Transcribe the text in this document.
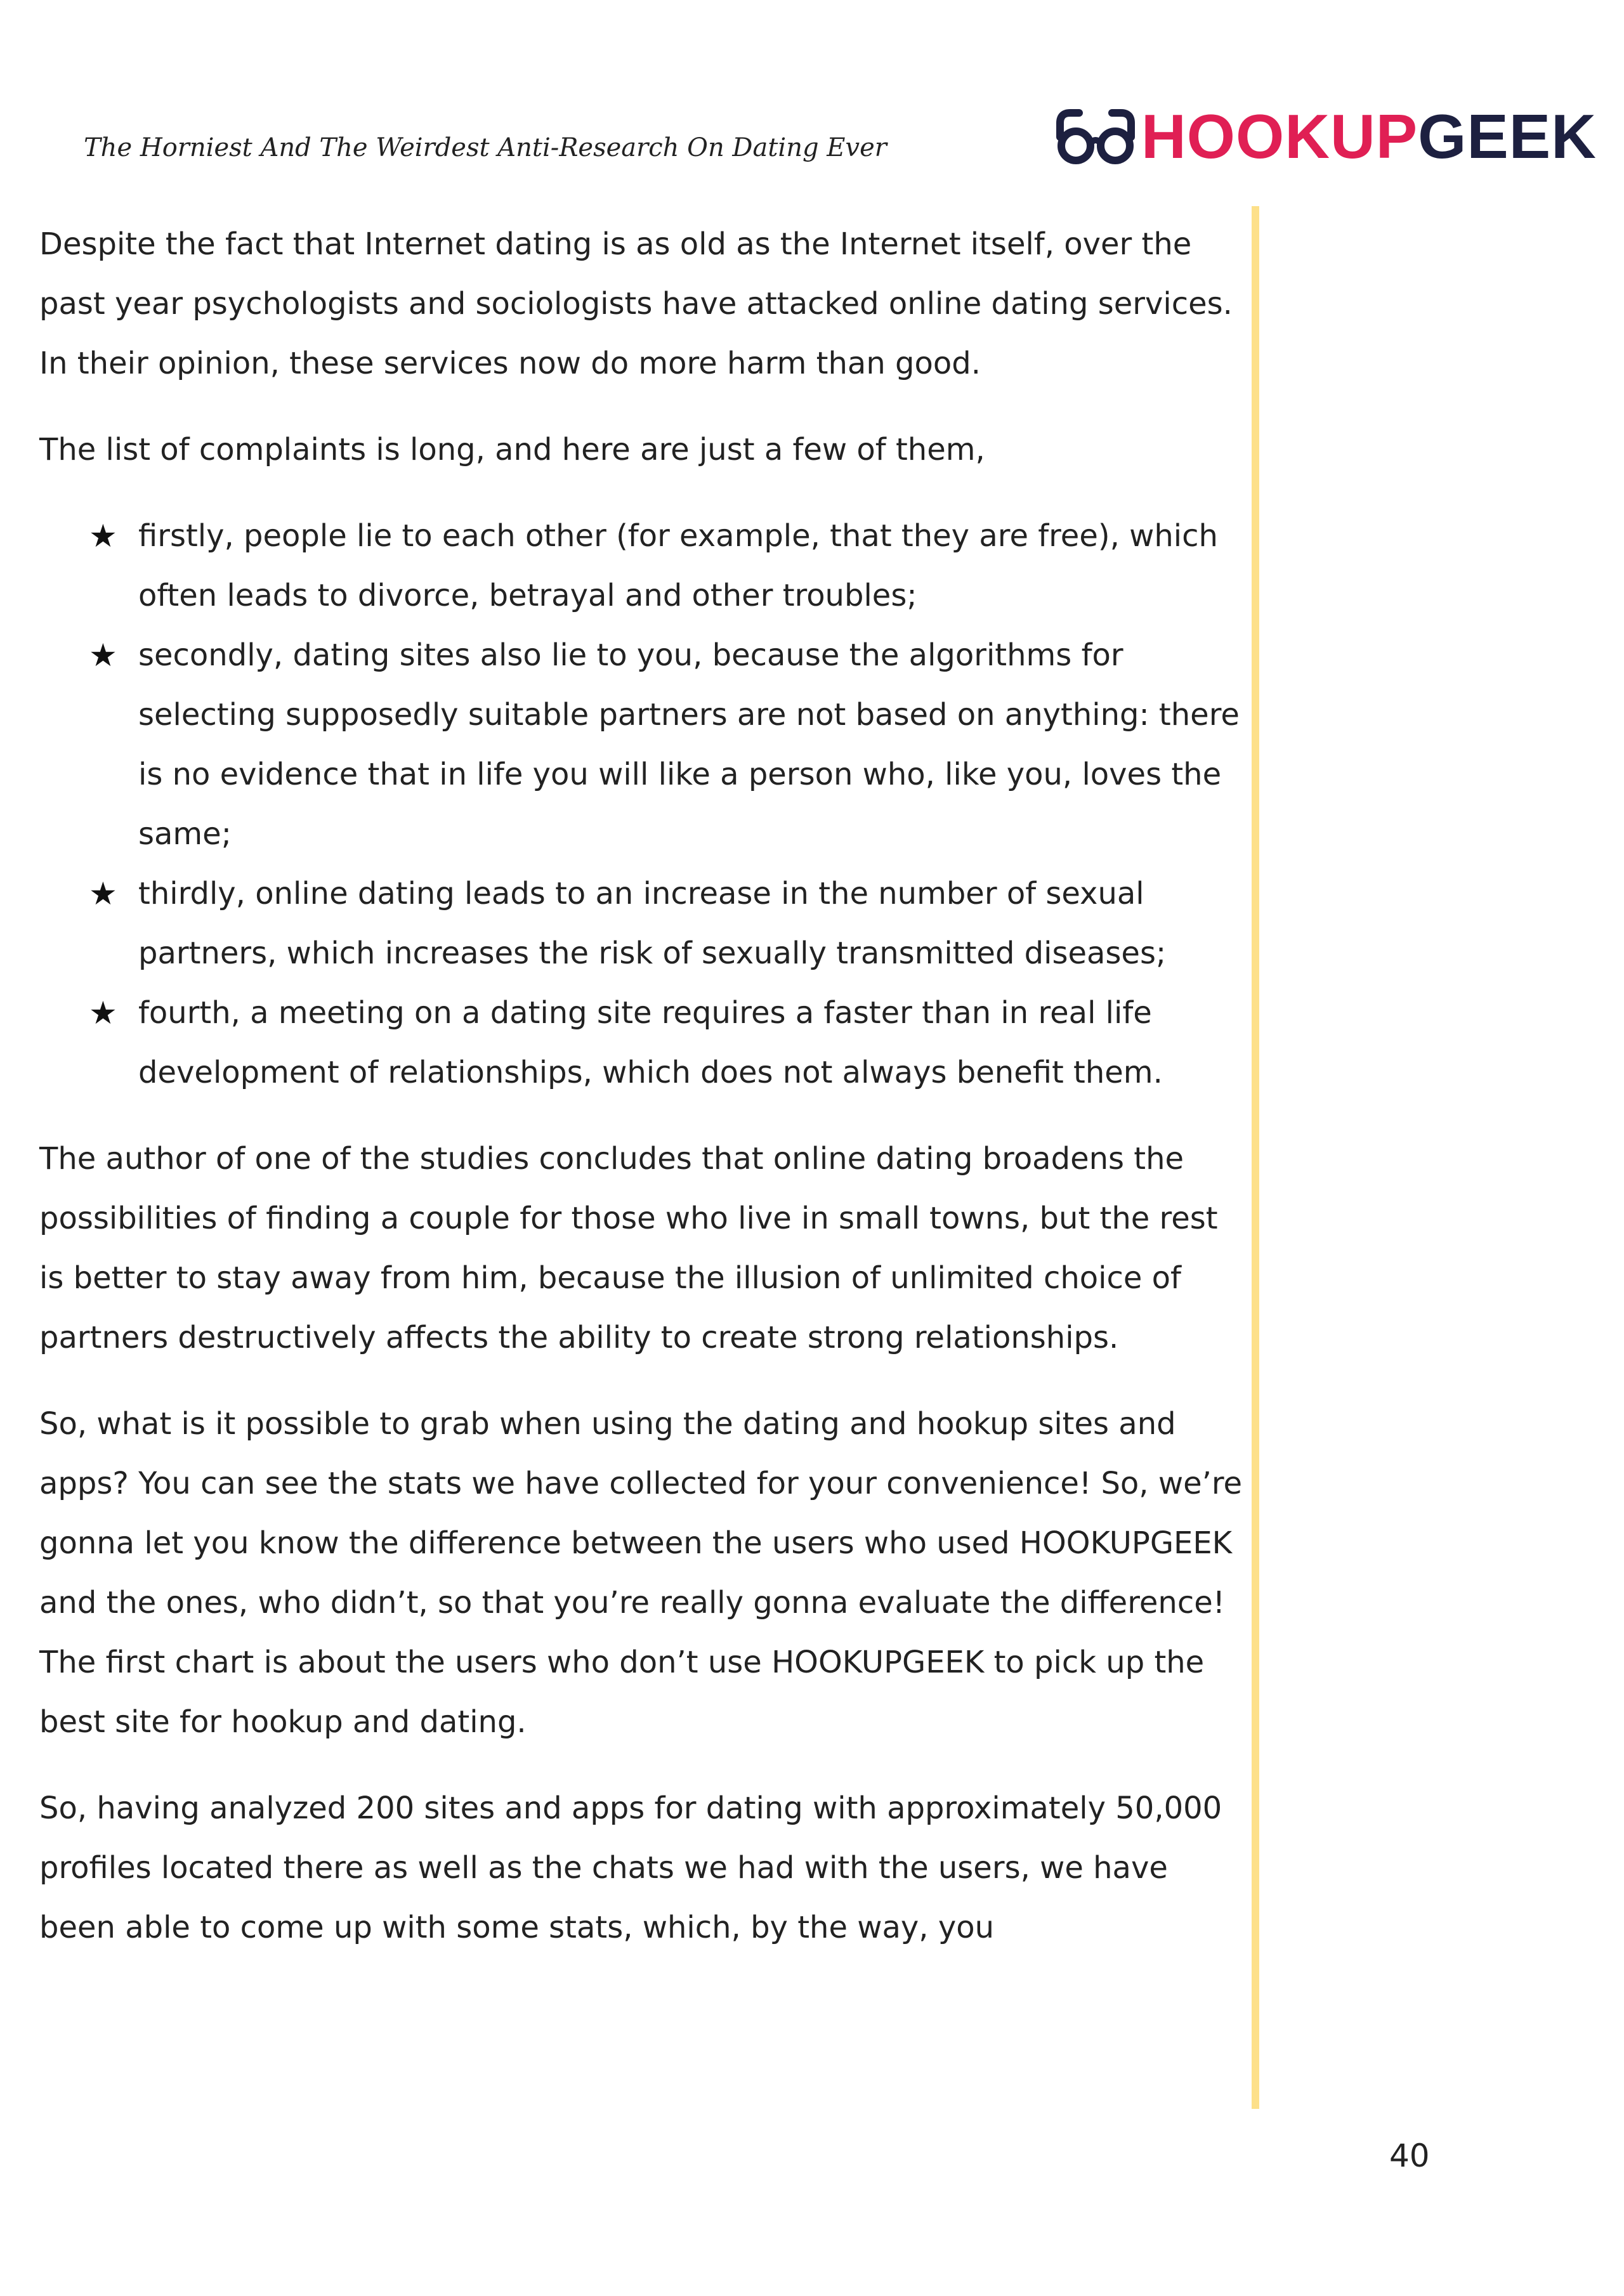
The Horniest And The Weirdest Anti-Research On Dating Ever	HOOKUPGEEK

Despite the fact that Internet dating is as old as the Internet itself, over the past year psychologists and sociologists have attacked online dating services. In their opinion, these services now do more harm than good.

The list of complaints is long, and here are just a few of them,

★ firstly, people lie to each other (for example, that they are free), which often leads to divorce, betrayal and other troubles;
★ secondly, dating sites also lie to you, because the algorithms for selecting supposedly suitable partners are not based on anything: there is no evidence that in life you will like a person who, like you, loves the same;
★ thirdly, online dating leads to an increase in the number of sexual partners, which increases the risk of sexually transmitted diseases;
★ fourth, a meeting on a dating site requires a faster than in real life development of relationships, which does not always benefit them.

The author of one of the studies concludes that online dating broadens the possibilities of finding a couple for those who live in small towns, but the rest is better to stay away from him, because the illusion of unlimited choice of partners destructively affects the ability to create strong relationships.

So, what is it possible to grab when using the dating and hookup sites and apps? You can see the stats we have collected for your convenience! So, we’re gonna let you know the difference between the users who used HOOKUPGEEK and the ones, who didn’t, so that you’re really gonna evaluate the difference! The first chart is about the users who don’t use HOOKUPGEEK to pick up the best site for hookup and dating.

So, having analyzed 200 sites and apps for dating with approximately 50,000 profiles located there as well as the chats we had with the users, we have been able to come up with some stats, which, by the way, you

40
